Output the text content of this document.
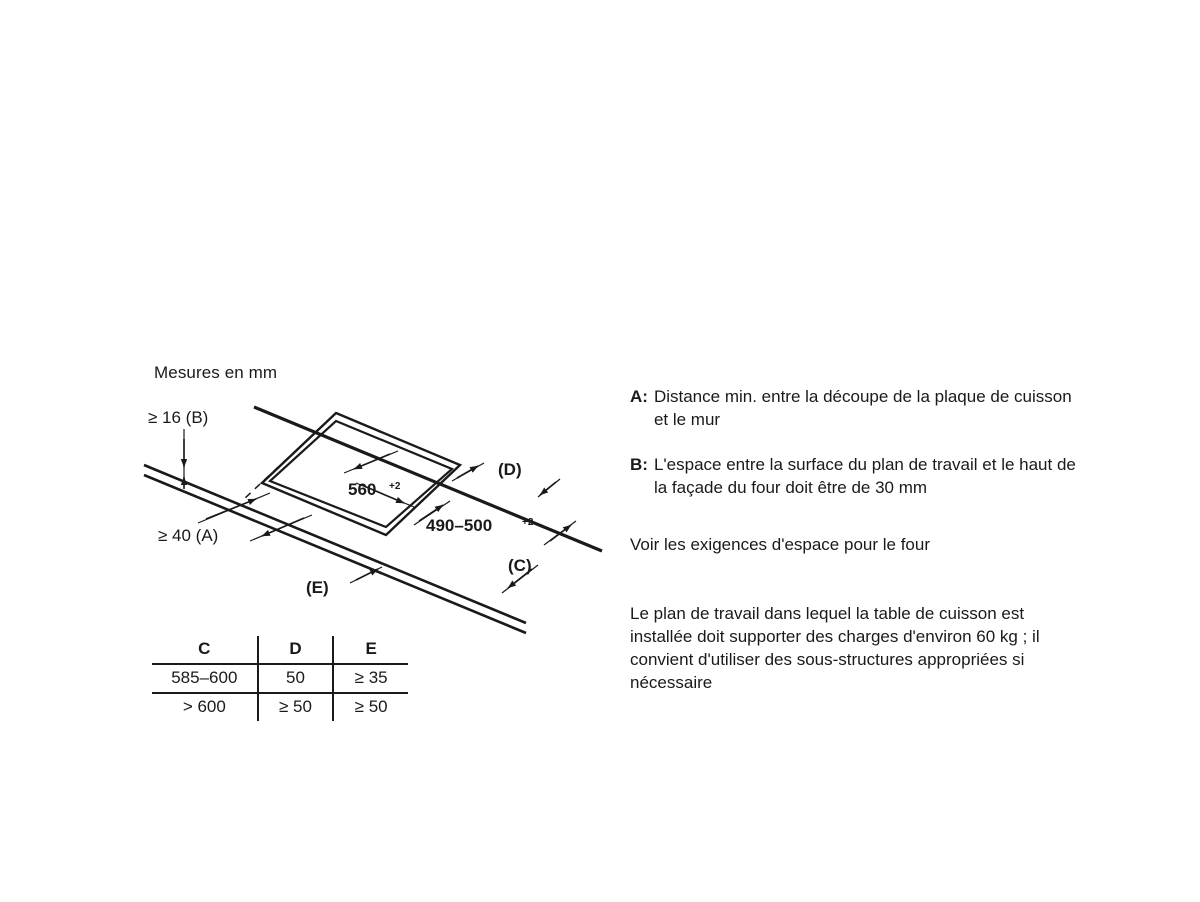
Mesures en mm
≥ 16 (B)
≥ 40 (A)
560 +2
490–500	+2
(D)
(C)
(E)
C	D	E
585–600	50	≥ 35
> 600	≥ 50	≥ 50
A: Distance min. entre la découpe de la plaque de cuisson et le mur
B: L'espace entre la surface du plan de travail et le haut de la façade du four doit être de 30 mm
Voir les exigences d'espace pour le four
Le plan de travail dans lequel la table de cuisson est installée doit supporter des charges d'environ 60 kg ; il convient d'utiliser des sous-structures appropriées si nécessaire
